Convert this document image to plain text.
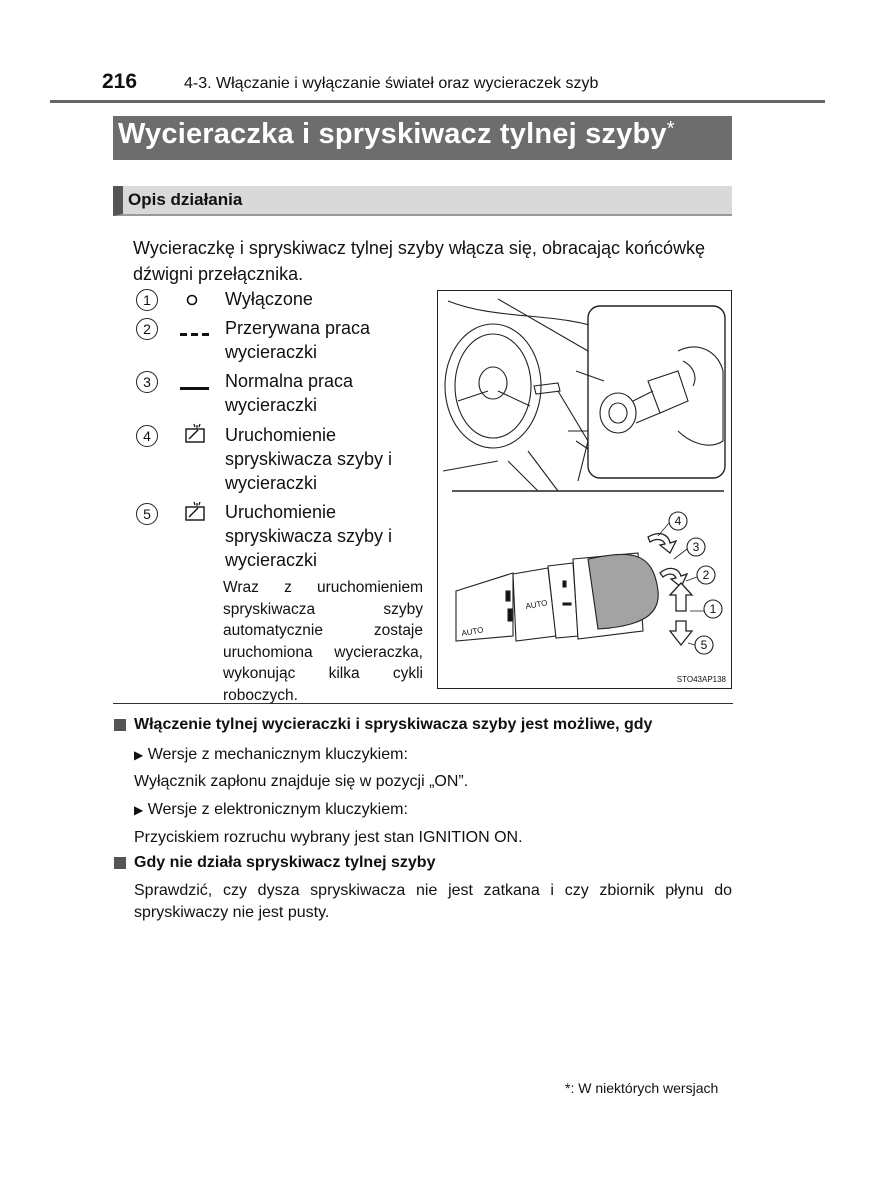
216	4-3. Włączanie i wyłączanie świateł oraz wycieraczek szyb
Wycieraczka i spryskiwacz tylnej szyby*
Opis działania
Wycieraczkę i spryskiwacz tylnej szyby włącza się, obracając końcówkę dźwigni przełącznika.
1	Wyłączone
2	Przerywana praca wycieraczki
3	Normalna praca wycieraczki
4	Uruchomienie spryskiwacza szyby i wycieraczki
5	Uruchomienie spryskiwacza szyby i wycieraczki
Wraz z uruchomieniem spryskiwacza szyby automatycznie zostaje uruchomiona wycieraczka, wykonując kilka cykli roboczych.
4
3
2
1
5
AUTO
AUTO
STO43AP138
Włączenie tylnej wycieraczki i spryskiwacza szyby jest możliwe, gdy
▶ Wersje z mechanicznym kluczykiem:
Wyłącznik zapłonu znajduje się w pozycji „ON”.
▶ Wersje z elektronicznym kluczykiem:
Przyciskiem rozruchu wybrany jest stan IGNITION ON.
Gdy nie działa spryskiwacz tylnej szyby
Sprawdzić, czy dysza spryskiwacza nie jest zatkana i czy zbiornik płynu do spryskiwaczy nie jest pusty.
*: W niektórych wersjach
